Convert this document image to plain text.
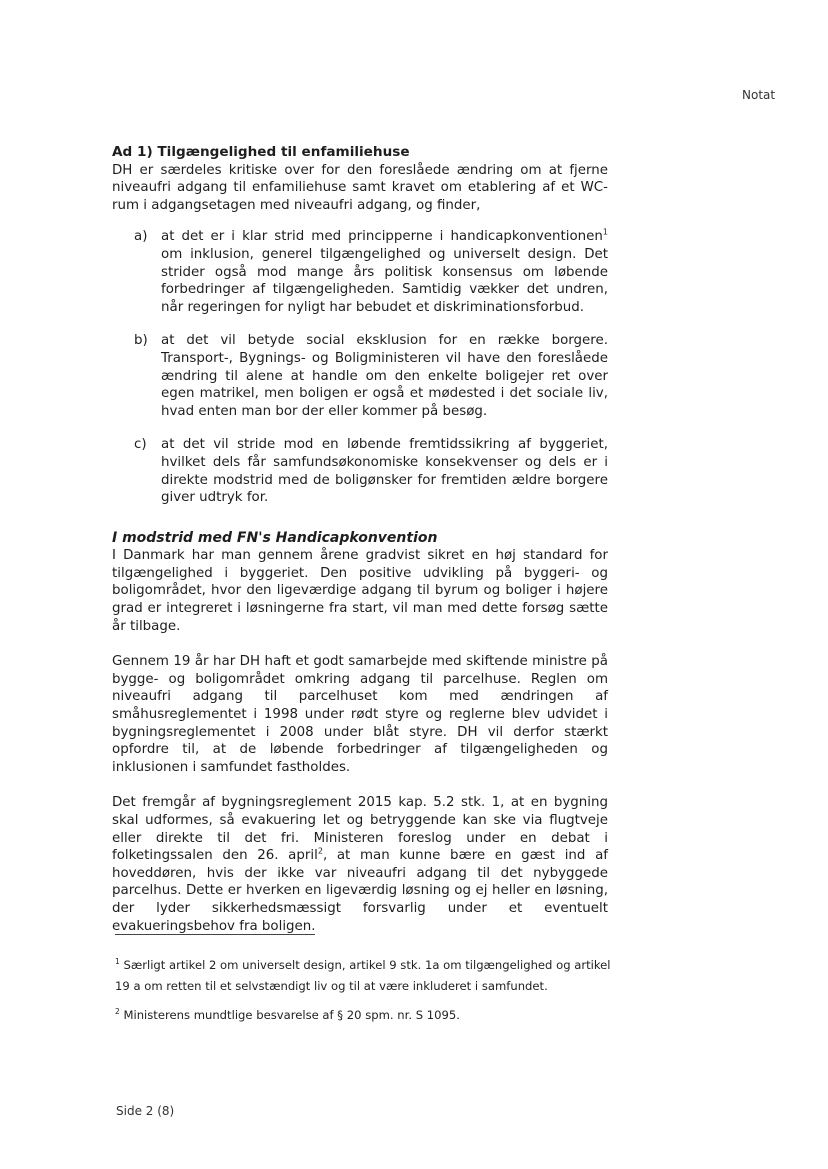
Notat
Ad 1) Tilgængelighed til enfamiliehuse

DH er særdeles kritiske over for den foreslåede ændring om at fjerne niveaufri adgang til enfamiliehuse samt kravet om etablering af et WC-rum i adgangsetagen med niveaufri adgang, og finder,

a) at det er i klar strid med principperne i handicapkonventionen$^1$ om inklusion, generel tilgængelighed og universelt design. Det strider også mod mange års politisk konsensus om løbende forbedringer af tilgængeligheden. Samtidig vækker det undren, når regeringen for nyligt har bebudet et diskriminationsforbud.
b) at det vil betyde social eksklusion for en række borgere. Transport-, Bygnings- og Boligministeren vil have den foreslåede ændring til alene at handle om den enkelte boligejer ret over egen matrikel, men boligen er også et mødested i det sociale liv, hvad enten man bor der eller kommer på besøg.
c) at det vil stride mod en løbende fremtidssikring af byggeriet, hvilket dels får samfundsøkonomiske konsekvenser og dels er i direkte modstrid med de boligønsker for fremtiden ældre borgere giver udtryk for.
I modstrid med FN's Handicapkonvention

I Danmark har man gennem årene gradvist sikret en høj standard for tilgængelighed i byggeriet. Den positive udvikling på byggeri- og boligområdet, hvor den ligeværdige adgang til byrum og boliger i højere grad er integreret i løsningerne fra start, vil man med dette forsøg sætte år tilbage.

Gennem 19 år har DH haft et godt samarbejde med skiftende ministre på bygge- og boligområdet omkring adgang til parcelhuse. Reglen om niveaufri adgang til parcelhuset kom med ændringen af småhusreglementet i 1998 under rødt styre og reglerne blev udvidet i bygningsreglementet i 2008 under blåt styre. DH vil derfor stærkt opfordre til, at de løbende forbedringer af tilgængeligheden og inklusionen i samfundet fastholdes.

Det fremgår af bygningsreglement 2015 kap. 5.2 stk. 1, at en bygning skal udformes, så evakuering let og betryggende kan ske via flugtveje eller direkte til det fri. Ministeren foreslog under en debat i folketingssalen den 26. april$^2$, at man kunne bære en gæst ind af hoveddøren, hvis der ikke var niveaufri adgang til det nybyggede parcelhus. Dette er hverken en ligeværdig løsning og ej heller en løsning, der lyder sikkerhedsmæssigt forsvarlig under et eventuelt evakueringsbehov fra boligen.

$^1$ Særligt artikel 2 om universelt design, artikel 9 stk. 1a om tilgængelighed og artikel 19 a om retten til et selvstændigt liv og til at være inkluderet i samfundet.
$^2$ Ministerens mundtlige besvarelse af § 20 spm. nr. S 1095.
Side 2 (8)
